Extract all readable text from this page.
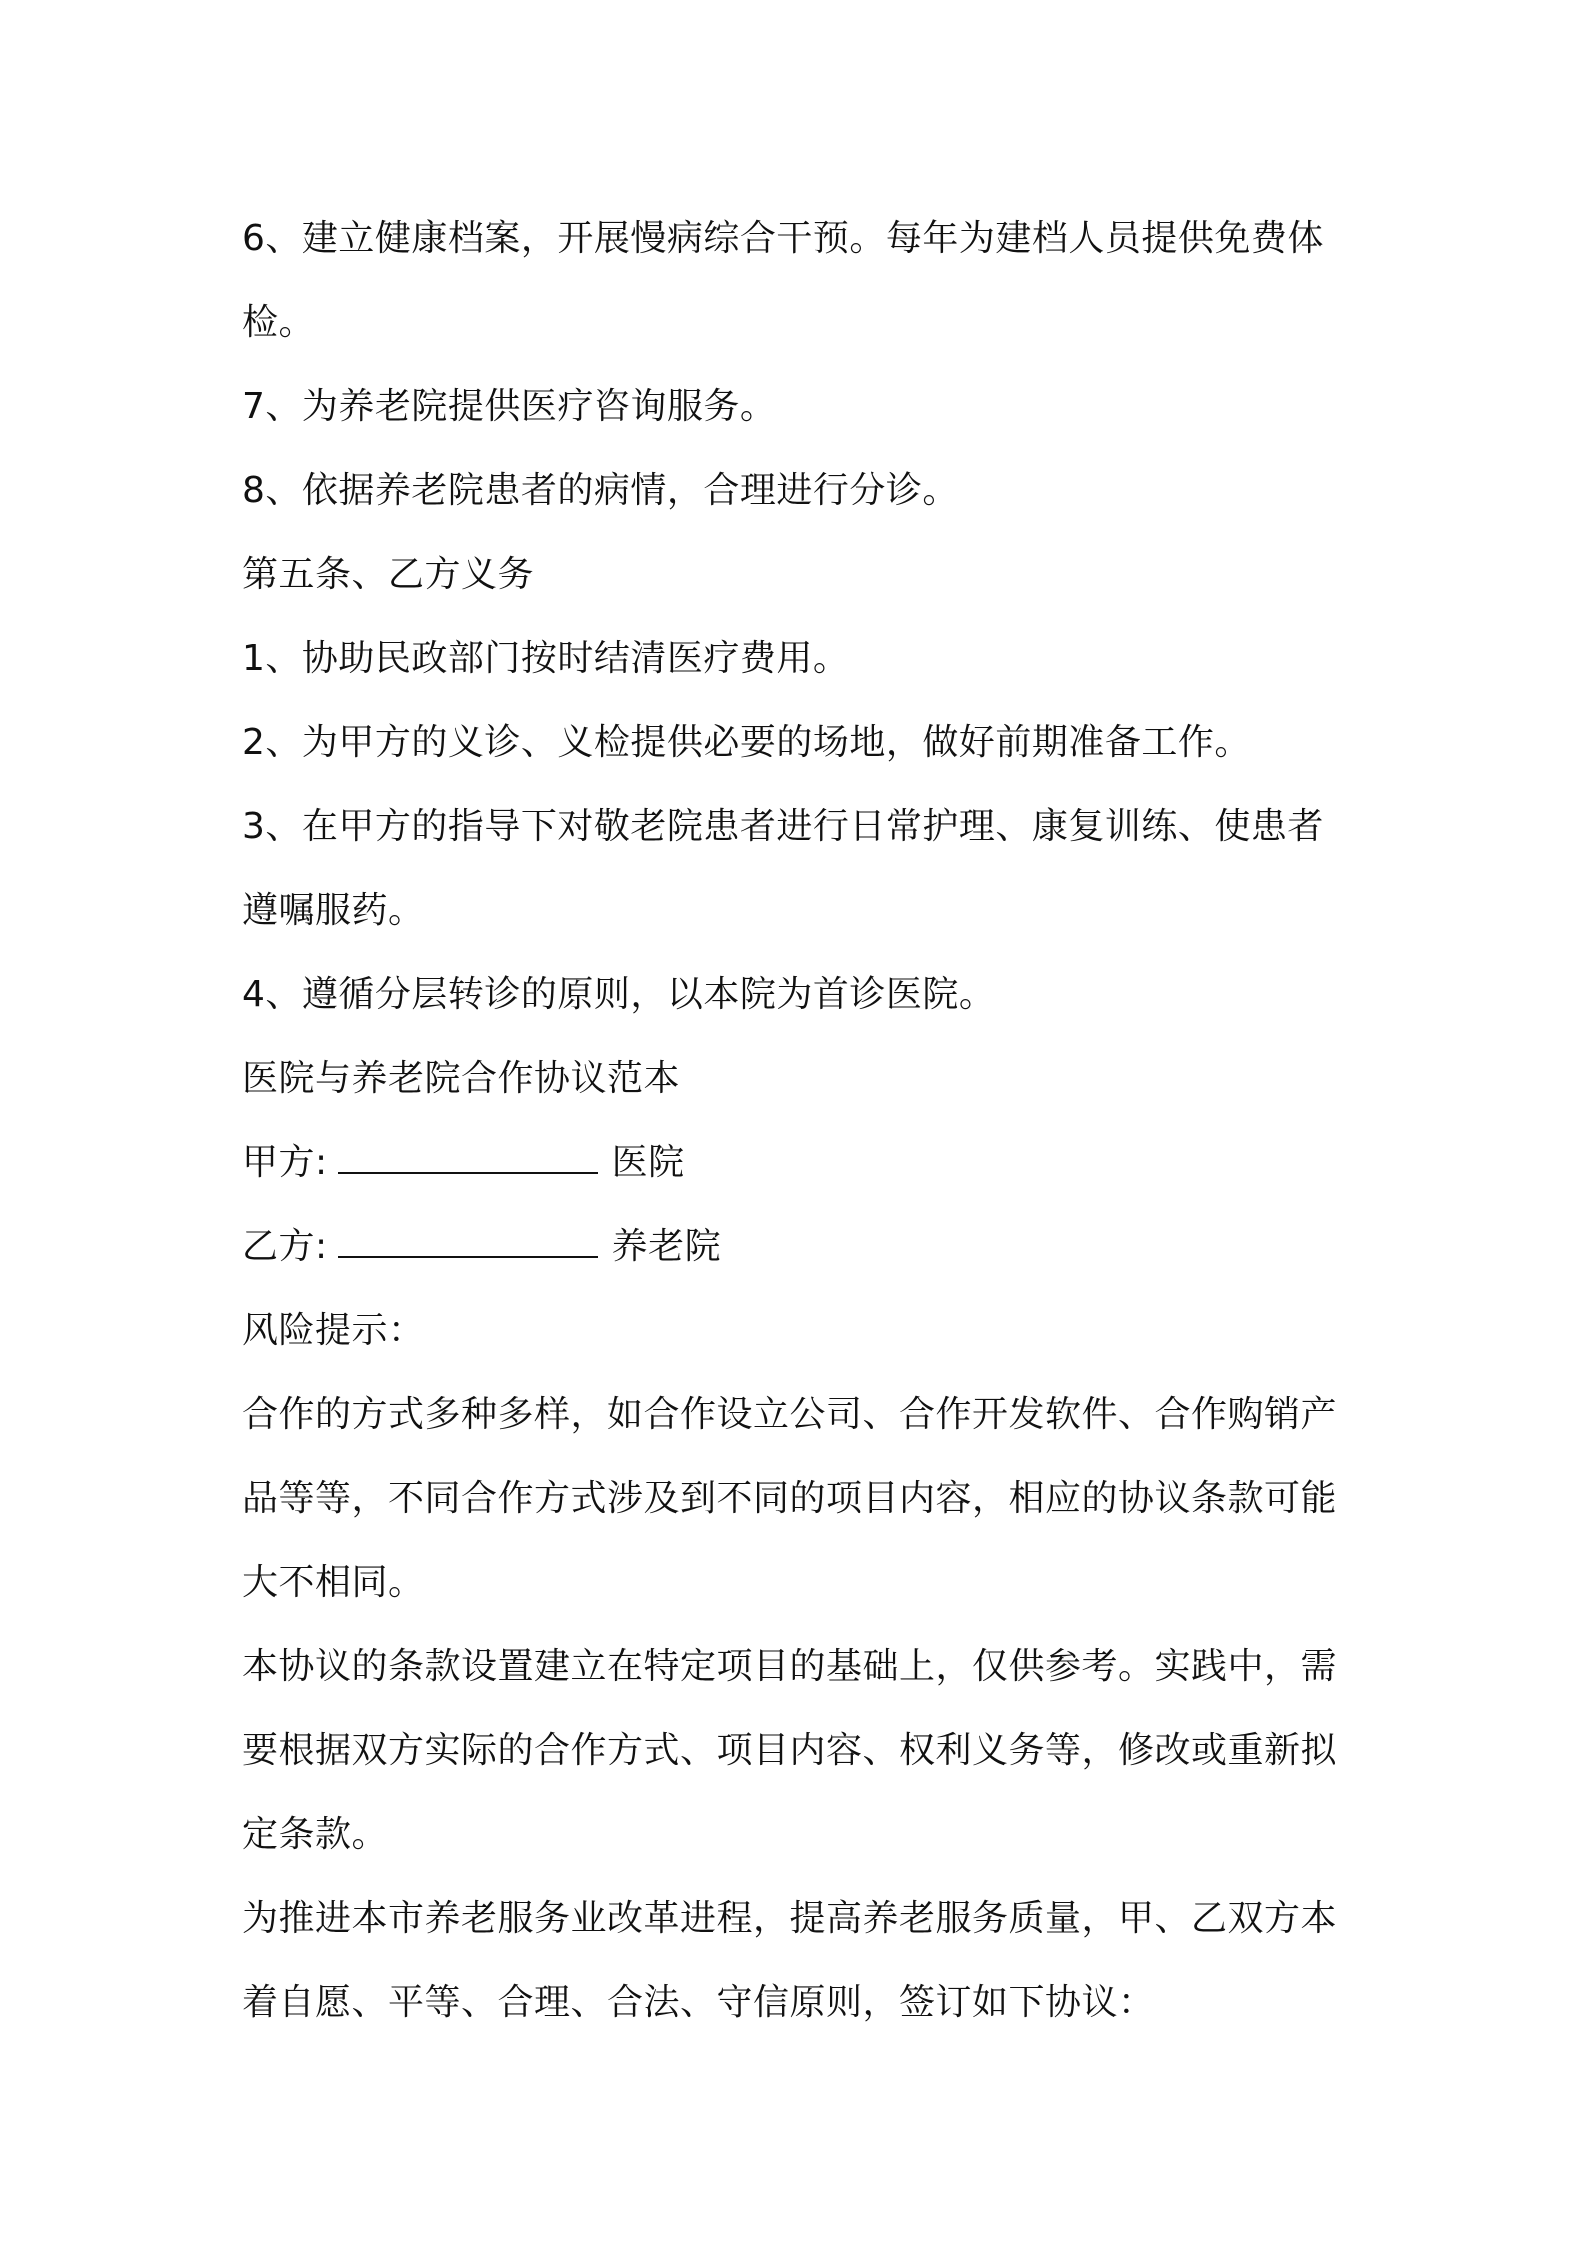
6、建立健康档案，开展慢病综合干预。每年为建档人员提供免费体
检。
7、为养老院提供医疗咨询服务。
8、依据养老院患者的病情，合理进行分诊。
第五条、乙方义务
1、协助民政部门按时结清医疗费用。
2、为甲方的义诊、义检提供必要的场地，做好前期准备工作。
3、在甲方的指导下对敬老院患者进行日常护理、康复训练、使患者
遵嘱服药。
4、遵循分层转诊的原则，以本院为首诊医院。
医院与养老院合作协议范本
甲方:	医院
乙方:	养老院
风险提示：
合作的方式多种多样，如合作设立公司、合作开发软件、合作购销产
品等等，不同合作方式涉及到不同的项目内容，相应的协议条款可能
大不相同。
本协议的条款设置建立在特定项目的基础上，仅供参考。实践中，需
要根据双方实际的合作方式、项目内容、权利义务等，修改或重新拟
定条款。
为推进本市养老服务业改革进程，提高养老服务质量，甲、乙双方本
着自愿、平等、合理、合法、守信原则，签订如下协议：
